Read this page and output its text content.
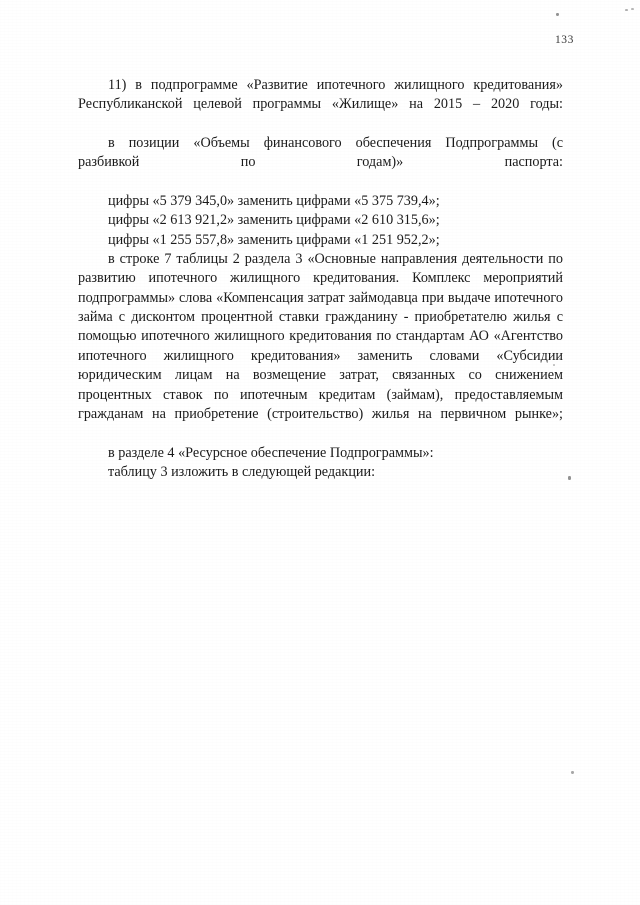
133

11) в подпрограмме «Развитие ипотечного жилищного кредитования» Республиканской целевой программы «Жилище» на 2015 – 2020 годы:

в позиции «Объемы финансового обеспечения Подпрограммы (с разбивкой по годам)» паспорта:

цифры «5 379 345,0» заменить цифрами «5 375 739,4»;

цифры «2 613 921,2» заменить цифрами «2 610 315,6»;

цифры «1 255 557,8» заменить цифрами «1 251 952,2»;

в строке 7 таблицы 2 раздела 3 «Основные направления деятельности по развитию ипотечного жилищного кредитования. Комплекс мероприятий подпрограммы» слова «Компенсация затрат займодавца при выдаче ипотечного займа с дисконтом процентной ставки гражданину - приобретателю жилья с помощью ипотечного жилищного кредитования по стандартам АО «Агентство ипотечного жилищного кредитования» заменить словами «Субсидии юридическим лицам на возмещение затрат, связанных со снижением процентных ставок по ипотечным кредитам (займам), предоставляемым гражданам на приобретение (строительство) жилья на первичном рынке»;

в разделе 4 «Ресурсное обеспечение Подпрограммы»:

таблицу 3 изложить в следующей редакции:
